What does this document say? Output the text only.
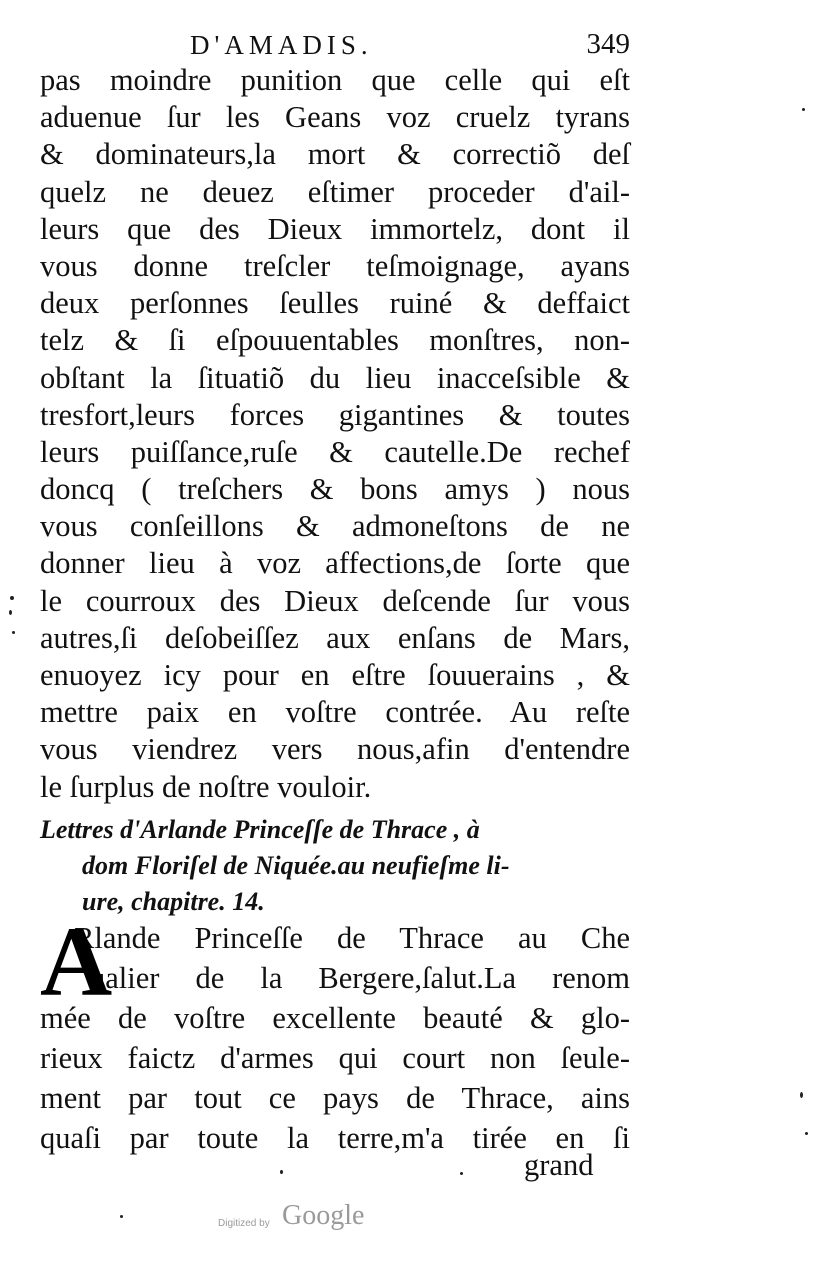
D'AMADIS.	349
pas moindre punition que celle qui eſt
aduenue ſur les Geans voz cruelz tyrans
& dominateurs,la mort & correctiõ deſ
quelz ne deuez eſtimer proceder d'ail-
leurs que des Dieux immortelz, dont il
vous donne treſcler teſmoignage, ayans
deux perſonnes ſeulles ruiné & deffaict
telz & ſi eſpouuentables monſtres, non-
obſtant la ſituatiõ du lieu inacceſsible &
tresfort,leurs forces gigantines & toutes
leurs puiſſance,ruſe & cautelle.De rechef
doncq ( treſchers & bons amys ) nous
vous conſeillons & admoneſtons de ne
donner lieu à voz affections,de ſorte que
le courroux des Dieux deſcende ſur vous
autres,ſi deſobeiſſez aux enſans de Mars,
enuoyez icy pour en eſtre ſouuerains , &
mettre paix en voſtre contrée. Au reſte
vous viendrez vers nous,afin d'entendre
le ſurplus de noſtre vouloir.
Lettres d'Arlande Princeſſe de Thrace , à
dom Floriſel de Niquée.au neufieſme li-
ure, chapitre. 14.
A
Rlande Princeſſe de Thrace au Che
ualier de la Bergere,ſalut.La renom
mée de voſtre excellente beauté & glo-
rieux faictz d'armes qui court non ſeule-
ment par tout ce pays de Thrace, ains
quaſi par toute la terre,m'a tirée en ſi
grand
Digitized by Google
